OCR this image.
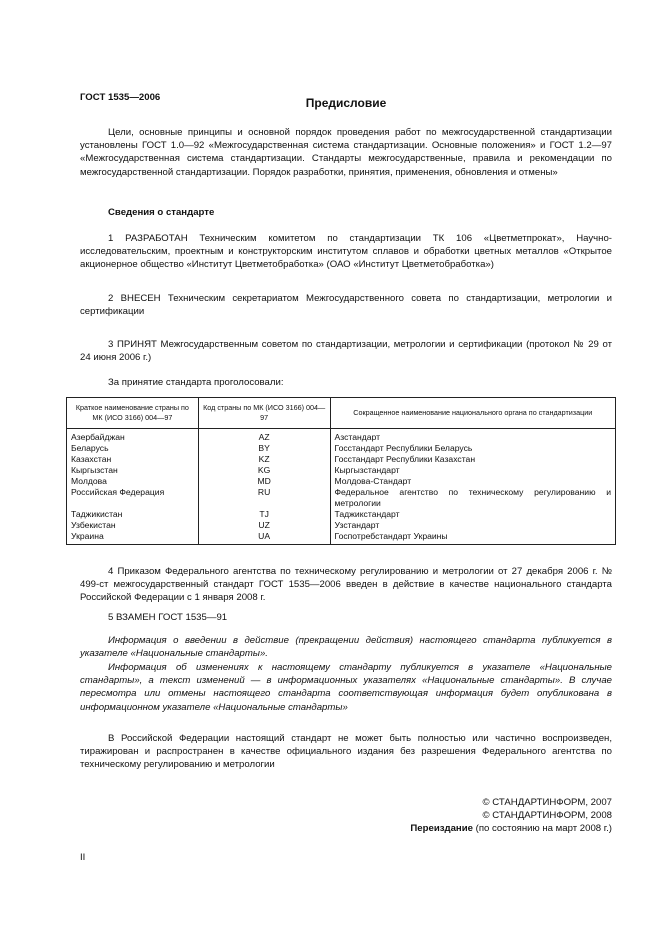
ГОСТ 1535—2006	Предисловие
Цели, основные принципы и основной порядок проведения работ по межгосударственной стандартизации установлены ГОСТ 1.0—92 «Межгосударственная система стандартизации. Основные положения» и ГОСТ 1.2—97 «Межгосударственная система стандартизации. Стандарты межгосударственные, правила и рекомендации по межгосударственной стандартизации. Порядок разработки, принятия, применения, обновления и отмены»
Сведения о стандарте
1 РАЗРАБОТАН Техническим комитетом по стандартизации ТК 106 «Цветметпрокат», Научно-исследовательским, проектным и конструкторским институтом сплавов и обработки цветных металлов «Открытое акционерное общество «Институт Цветметобработка» (ОАО «Институт Цветметобработка»)
2 ВНЕСЕН Техническим секретариатом Межгосударственного совета по стандартизации, метрологии и сертификации
3 ПРИНЯТ Межгосударственным советом по стандартизации, метрологии и сертификации (протокол № 29 от 24 июня 2006 г.)
За принятие стандарта проголосовали:
Краткое наименование страны по МК (ИСО 3166) 004—97	Код страны по МК (ИСО 3166) 004—97	Сокращенное наименование национального органа по стандартизации
Азербайджан	AZ	Азстандарт
Беларусь	BY	Госстандарт Республики Беларусь
Казахстан	KZ	Госстандарт Республики Казахстан
Кыргызстан	KG	Кыргызстандарт
Молдова	MD	Молдова-Стандарт
Российская Федерация	RU	Федеральное агентство по техническому регулированию и метрологии
Таджикистан	TJ	Таджикстандарт
Узбекистан	UZ	Узстандарт
Украина	UA	Госпотребстандарт Украины
4 Приказом Федерального агентства по техническому регулированию и метрологии от 27 декабря 2006 г. № 499-ст межгосударственный стандарт ГОСТ 1535—2006 введен в действие в качестве национального стандарта Российской Федерации с 1 января 2008 г.
5 ВЗАМЕН ГОСТ 1535—91
Информация о введении в действие (прекращении действия) настоящего стандарта публикуется в указателе «Национальные стандарты».
Информация об изменениях к настоящему стандарту публикуется в указателе «Национальные стандарты», а текст изменений — в информационных указателях «Национальные стандарты». В случае пересмотра или отмены настоящего стандарта соответствующая информация будет опубликована в информационном указателе «Национальные стандарты»
В Российской Федерации настоящий стандарт не может быть полностью или частично воспроизведен, тиражирован и распространен в качестве официального издания без разрешения Федерального агентства по техническому регулированию и метрологии
© СТАНДАРТИНФОРМ, 2007
© СТАНДАРТИНФОРМ, 2008
Переиздание (по состоянию на март 2008 г.)
II
